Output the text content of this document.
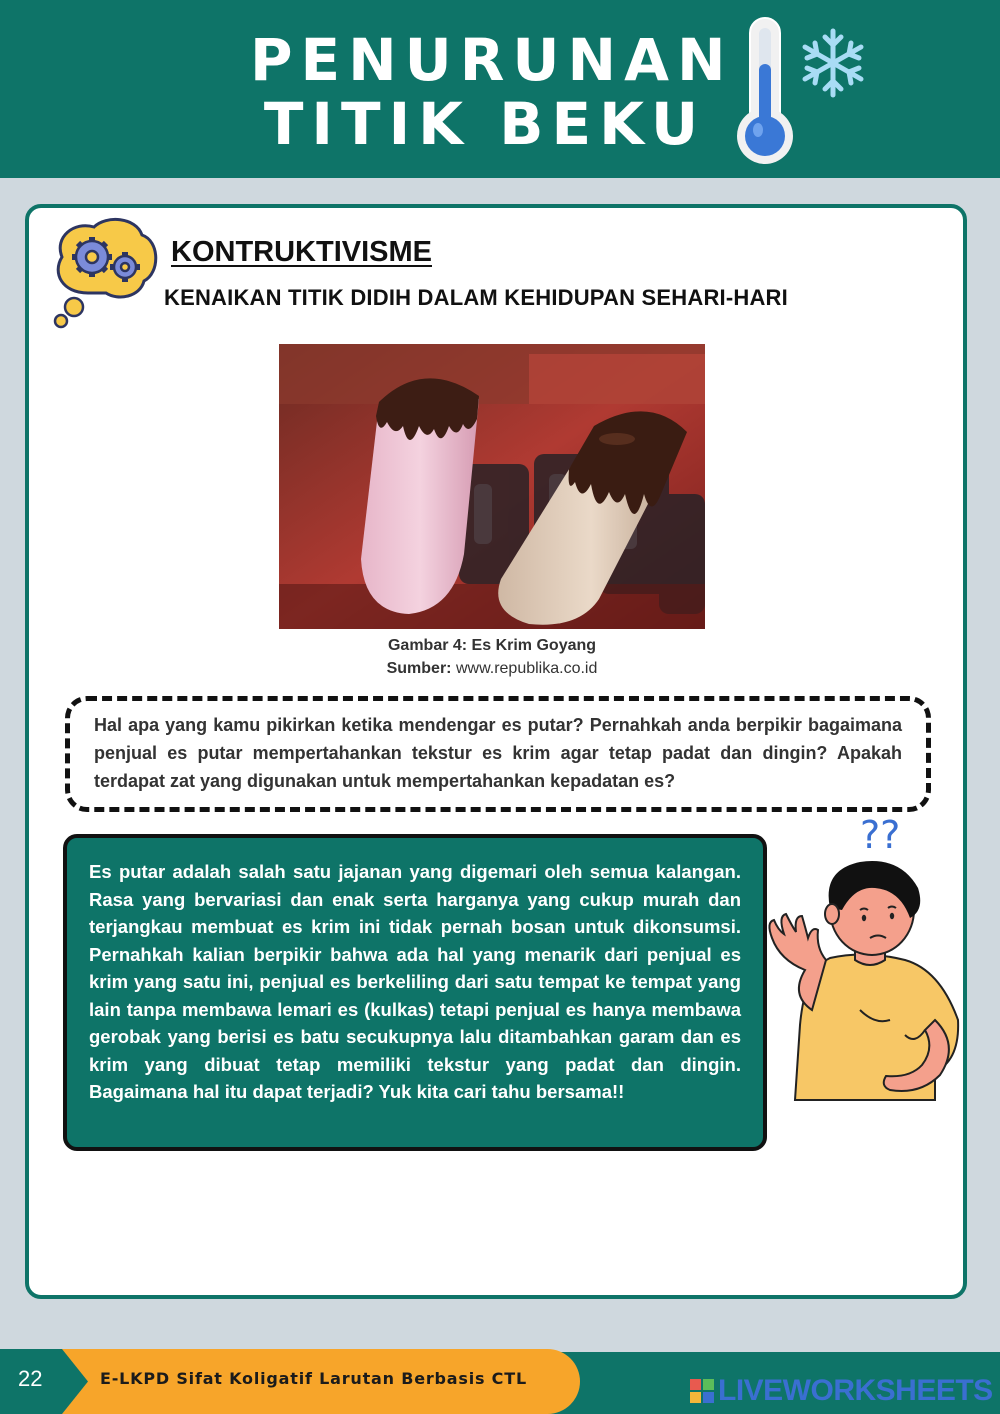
PENURUNAN
TITIK BEKU
KONTRUKTIVISME
KENAIKAN TITIK DIDIH DALAM KEHIDUPAN SEHARI-HARI
Gambar 4: Es Krim Goyang
Sumber: www.republika.co.id
Hal apa yang kamu pikirkan ketika mendengar es putar? Pernahkah anda berpikir bagaimana penjual es putar mempertahankan tekstur es krim agar tetap padat dan dingin? Apakah terdapat zat yang digunakan untuk mempertahankan kepadatan es?
Es putar adalah salah satu jajanan yang digemari oleh semua kalangan. Rasa yang bervariasi dan enak serta harganya yang cukup murah dan terjangkau membuat es krim ini tidak pernah bosan untuk dikonsumsi. Pernahkah kalian berpikir bahwa ada hal yang menarik dari penjual es krim yang satu ini, penjual es berkeliling dari satu tempat ke tempat yang lain tanpa membawa lemari es (kulkas) tetapi penjual es hanya membawa gerobak yang berisi es batu secukupnya lalu ditambahkan garam dan es krim yang dibuat tetap memiliki tekstur yang padat dan dingin. Bagaimana hal itu dapat terjadi? Yuk kita cari tahu bersama!!
??
22	E-LKPD Sifat Koligatif Larutan Berbasis CTL	LIVEWORKSHEETS
